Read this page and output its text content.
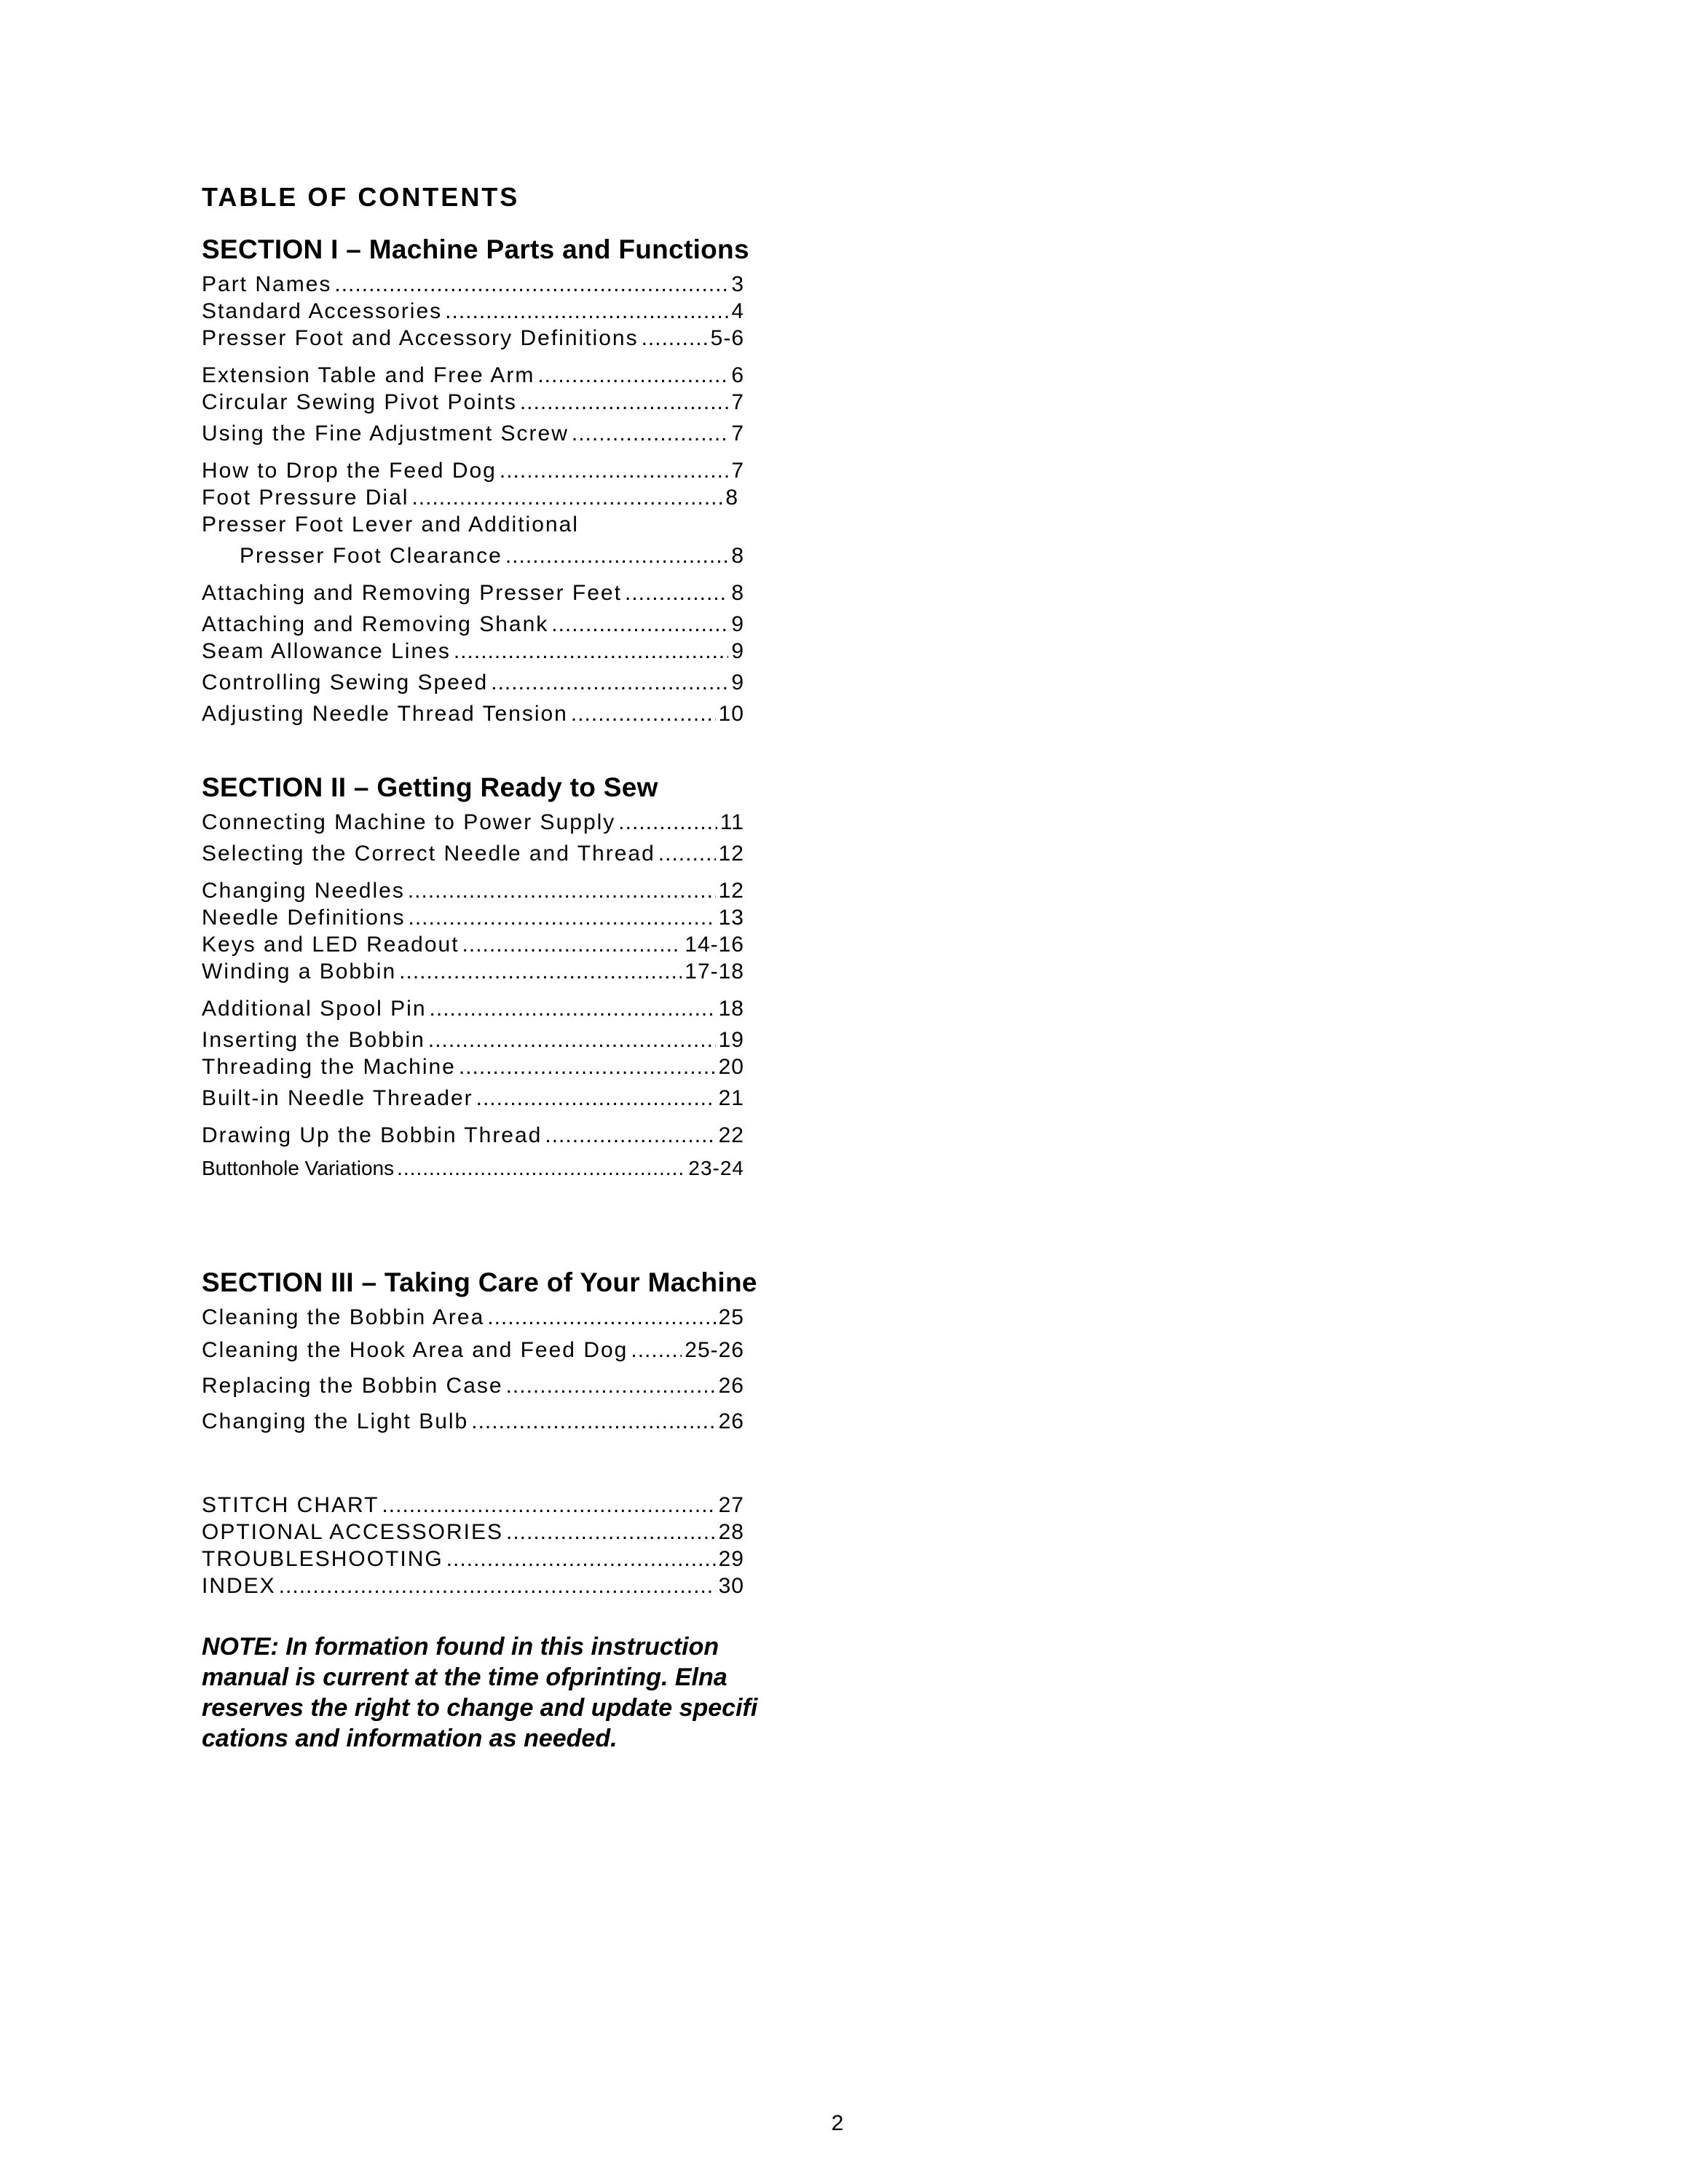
TABLE OF CONTENTS
SECTION I – Machine Parts and Functions
Part Names .....	3
Standard Accessories .....	4
Presser Foot and Accessory Definitions .....	5-6
Extension Table and Free Arm .....	6
Circular Sewing Pivot Points .....	7
Using the Fine Adjustment Screw .....	7
How to Drop the Feed Dog .....	7
Foot Pressure Dial .....	8
Presser Foot Lever and Additional
Presser Foot Clearance .....	8
Attaching and Removing Presser Feet .....	8
Attaching and Removing Shank .....	9
Seam Allowance Lines .....	9
Controlling Sewing Speed .....	9
Adjusting Needle Thread Tension .....	10
SECTION II – Getting Ready to Sew
Connecting Machine to Power Supply .....	11
Selecting the Correct Needle and Thread .....	12
Changing Needles .....	12
Needle Definitions .....	13
Keys and LED Readout .....	14-16
Winding a Bobbin .....	17-18
Additional Spool Pin .....	18
Inserting the Bobbin .....	19
Threading the Machine .....	20
Built-in Needle Threader .....	21
Drawing Up the Bobbin Thread .....	22
Buttonhole Variations .....	23-24
SECTION III – Taking Care of Your Machine
Cleaning the Bobbin Area .....	25
Cleaning the Hook Area and Feed Dog .....	25-26
Replacing the Bobbin Case .....	26
Changing the Light Bulb .....	26
STITCH CHART .....	27
OPTIONAL ACCESSORIES .....	28
TROUBLESHOOTING .....	29
INDEX .....	30
NOTE: In formation found in this instruction manual is current at the time ofprinting. Elna reserves the right to change and update specifi cations and information as needed.
2
